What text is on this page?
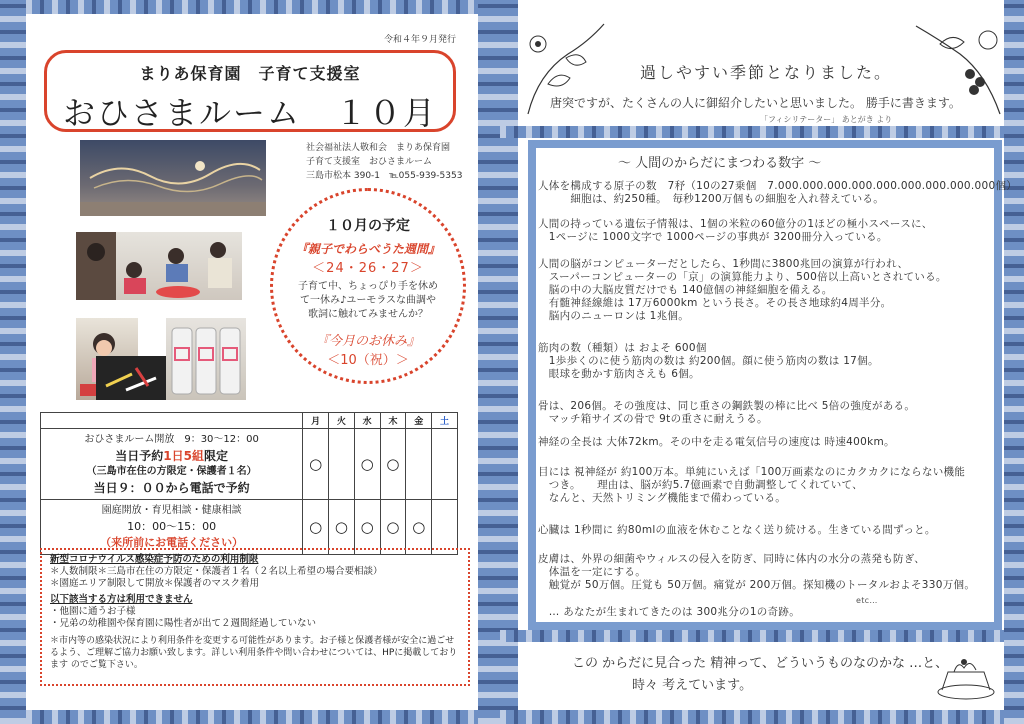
令和４年９月発行
まりあ保育園　子育て支援室
おひさまルーム　１０月
社会福祉法人敬和会　まりあ保育園
子育て支援室　おひさまルーム
三島市松本 390-1　℡055-939-5353
１０月の予定
『親子でわらべうた週間』
＜24・26・27＞
子育て中、ちょっぴり手を休めて一休み♪ユーモラスな曲調や歌詞に触れてみませんか？
『今月のお休み』
＜10（祝）＞
	月	火	水	木	金	土

おひさまルーム開放　9：30～12：00
当日予約1日5組限定
（三島市在住の方限定・保護者１名）
当日９：００から電話で予約	○		○	○		

園庭開放・育児相談・健康相談
10：00～15：00
（来所前にお電話ください）	○	○	○	○	○	
新型コロナウイルス感染症予防のための利用制限
＊人数制限＊三島市在住の方限定・保護者１名（２名以上希望の場合要相談）
＊園庭エリア制限して開放＊保護者のマスク着用
以下該当する方は利用できません
・他園に通うお子様
・兄弟の幼稚園や保育園に陽性者が出て２週間経過していない
＊市内等の感染状況により利用条件を変更する可能性があります。お子様と保護者様が安全に過ごせるよう、ご理解ご協力お願い致します。詳しい利用条件や問い合わせについては、HPに掲載しております のでご覧下さい。
過しやすい季節となりました。
唐突ですが、たくさんの人に御紹介したいと思いました。 勝手に書きます。
「フィシリテーター」 あとがき より
～ 人間のからだにまつわる数字 ～
人体を構成する原子の数　7𥝱（10の27乗個　7.000.000.000.000.000.000.000.000.000個）
　　　細胞は、約250種。　毎秒1200万個もの細胞を入れ替えている。
人間の持っている遺伝子情報は、1個の米粒の60億分の1ほどの極小スペースに、
　1ページに 1000文字で 1000ページの事典が 3200冊分入っている。
人間の脳がコンピューターだとしたら、1秒間に3800兆回の演算が行われ、
　スーパーコンピューターの「京」の演算能力より、500倍以上高いとされている。
　脳の中の大脳皮質だけでも 140億個の神経細胞を備える。
　有髄神経線維は 17万6000km という長さ。その長さ地球約4周半分。
　脳内のニューロンは 1兆個。
筋肉の数（種類）は およそ 600個
　1歩歩くのに使う筋肉の数は 約200個。顔に使う筋肉の数は 17個。
　眼球を動かす筋肉さえも 6個。
骨は、206個。その強度は、同じ重さの鋼鉄製の棒に比べ 5倍の強度がある。
　マッチ箱サイズの骨で 9tの重さに耐えうる。
神経の全長は 大体72km。その中を走る電気信号の速度は 時速400km。
目には 視神経が 約100万本。単純にいえば「100万画素なのにカクカクにならない機能
　つき。　　理由は、脳が約5.7億画素で自動調整してくれていて、
　なんと、天然トリミング機能まで備わっている。
心臓は 1秒間に 約80mlの血液を休むことなく送り続ける。生きている間ずっと。
皮膚は、外界の細菌やウィルスの侵入を防ぎ、同時に体内の水分の蒸発も防ぎ、
　体温を一定にする。
　触覚が 50万個。圧覚も 50万個。痛覚が 200万個。探知機のトータルおよそ330万個。
etc…
　… あなたが生まれてきたのは 300兆分の1の奇跡。
この からだに見合った 精神って、どういうものなのかな …と、
時々 考えています。
